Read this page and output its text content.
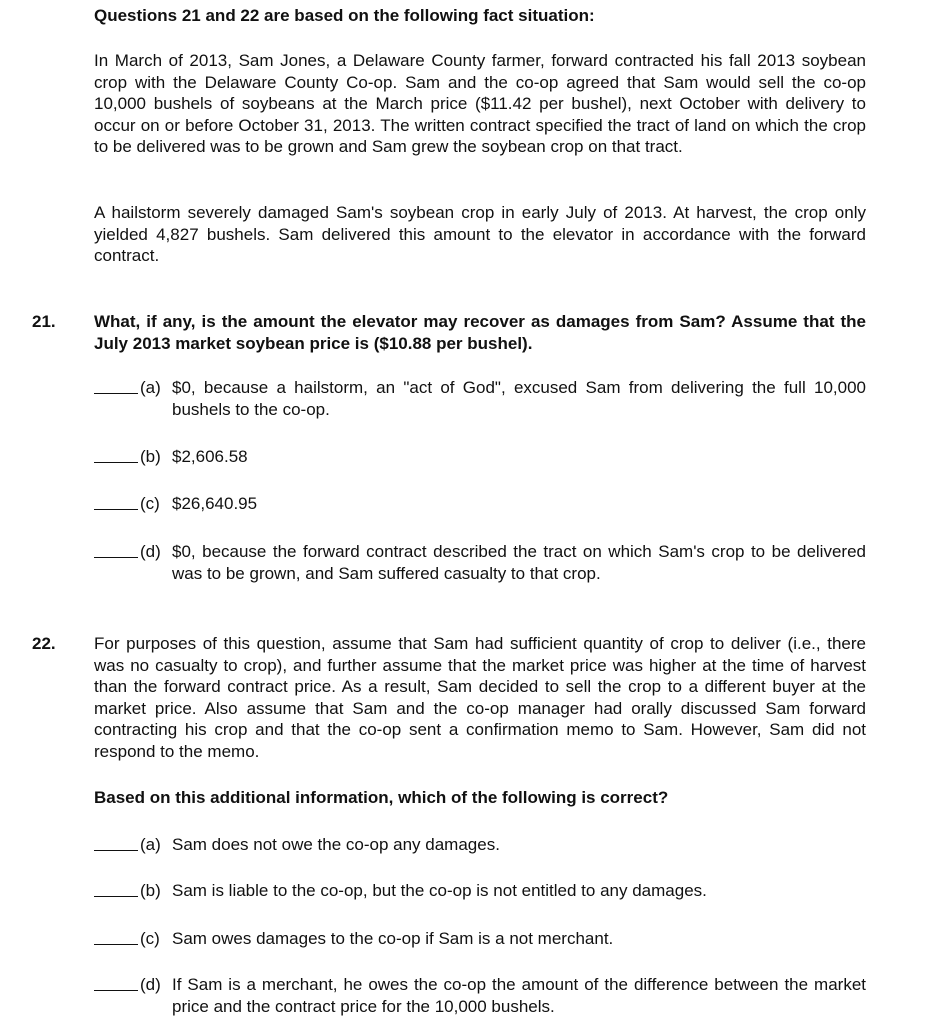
Questions 21 and 22 are based on the following fact situation:
In March of 2013, Sam Jones, a Delaware County farmer, forward contracted his fall 2013 soybean crop with the Delaware County Co-op. Sam and the co-op agreed that Sam would sell the co-op 10,000 bushels of soybeans at the March price ($11.42 per bushel), next October with delivery to occur on or before October 31, 2013. The written contract specified the tract of land on which the crop to be delivered was to be grown and Sam grew the soybean crop on that tract.
A hailstorm severely damaged Sam's soybean crop in early July of 2013. At harvest, the crop only yielded 4,827 bushels. Sam delivered this amount to the elevator in accordance with the forward contract.
21. What, if any, is the amount the elevator may recover as damages from Sam? Assume that the July 2013 market soybean price is ($10.88 per bushel).
(a) $0, because a hailstorm, an "act of God", excused Sam from delivering the full 10,000 bushels to the co-op.
(b) $2,606.58
(c) $26,640.95
(d) $0, because the forward contract described the tract on which Sam's crop to be delivered was to be grown, and Sam suffered casualty to that crop.
22. For purposes of this question, assume that Sam had sufficient quantity of crop to deliver (i.e., there was no casualty to crop), and further assume that the market price was higher at the time of harvest than the forward contract price. As a result, Sam decided to sell the crop to a different buyer at the market price. Also assume that Sam and the co-op manager had orally discussed Sam forward contracting his crop and that the co-op sent a confirmation memo to Sam. However, Sam did not respond to the memo.
Based on this additional information, which of the following is correct?
(a) Sam does not owe the co-op any damages.
(b) Sam is liable to the co-op, but the co-op is not entitled to any damages.
(c) Sam owes damages to the co-op if Sam is a not merchant.
(d) If Sam is a merchant, he owes the co-op the amount of the difference between the market price and the contract price for the 10,000 bushels.
